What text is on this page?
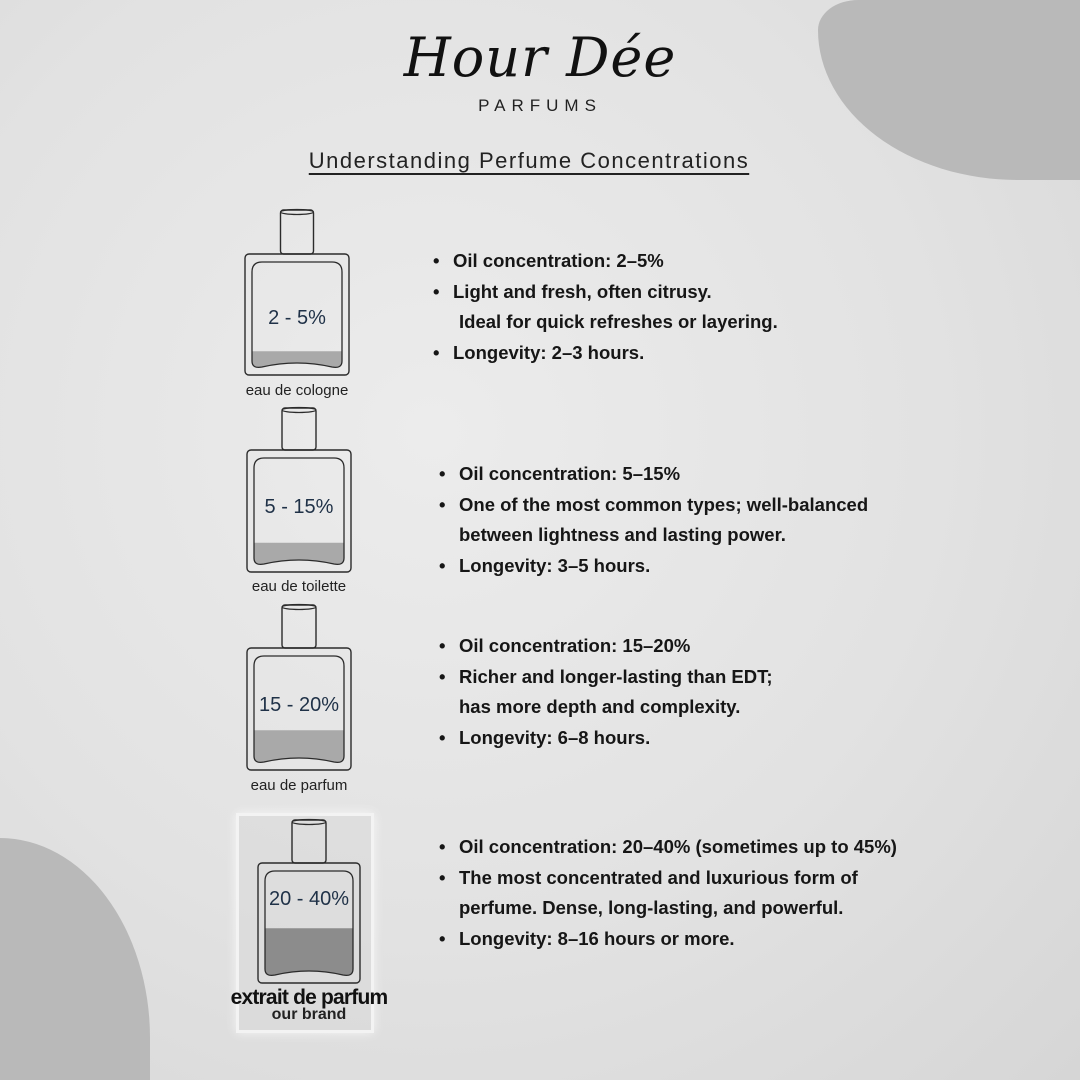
Hour Dée
PARFUMS
Understanding Perfume Concentrations
2 - 5%
eau de cologne
5 - 15%
eau de toilette
15 - 20%
eau de parfum
20 - 40%
extrait de parfum
our brand
• Oil concentration: 2–5%
• Light and fresh, often citrusy.
Ideal for quick refreshes or layering.
• Longevity: 2–3 hours.
• Oil concentration: 5–15%
• One of the most common types; well-balanced
between lightness and lasting power.
• Longevity: 3–5 hours.
• Oil concentration: 15–20%
• Richer and longer-lasting than EDT;
has more depth and complexity.
• Longevity: 6–8 hours.
• Oil concentration: 20–40% (sometimes up to 45%)
• The most concentrated and luxurious form of
perfume. Dense, long-lasting, and powerful.
• Longevity: 8–16 hours or more.
